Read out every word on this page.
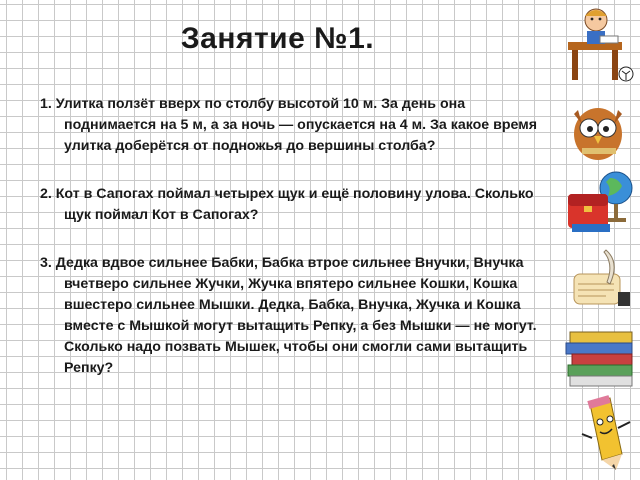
Занятие №1.

1. Улитка ползёт вверх по столбу высотой 10 м. За день она поднимается на 5 м, а за ночь — опускается на 4 м. За какое время улитка доберётся от подножья до вершины столба?

2. Кот в Сапогах поймал четырех щук и ещё половину улова. Сколько щук поймал Кот в Сапогах?

3. Дедка вдвое сильнее Бабки, Бабка втрое сильнее Внучки, Внучка вчетверо сильнее Жучки, Жучка впятеро сильнее Кошки, Кошка вшестеро сильнее Мышки. Дедка, Бабка, Внучка, Жучка и Кошка вместе с Мышкой могут вытащить Репку, а без Мышки — не могут. Сколько надо позвать Мышек, чтобы они смогли сами вытащить Репку?
